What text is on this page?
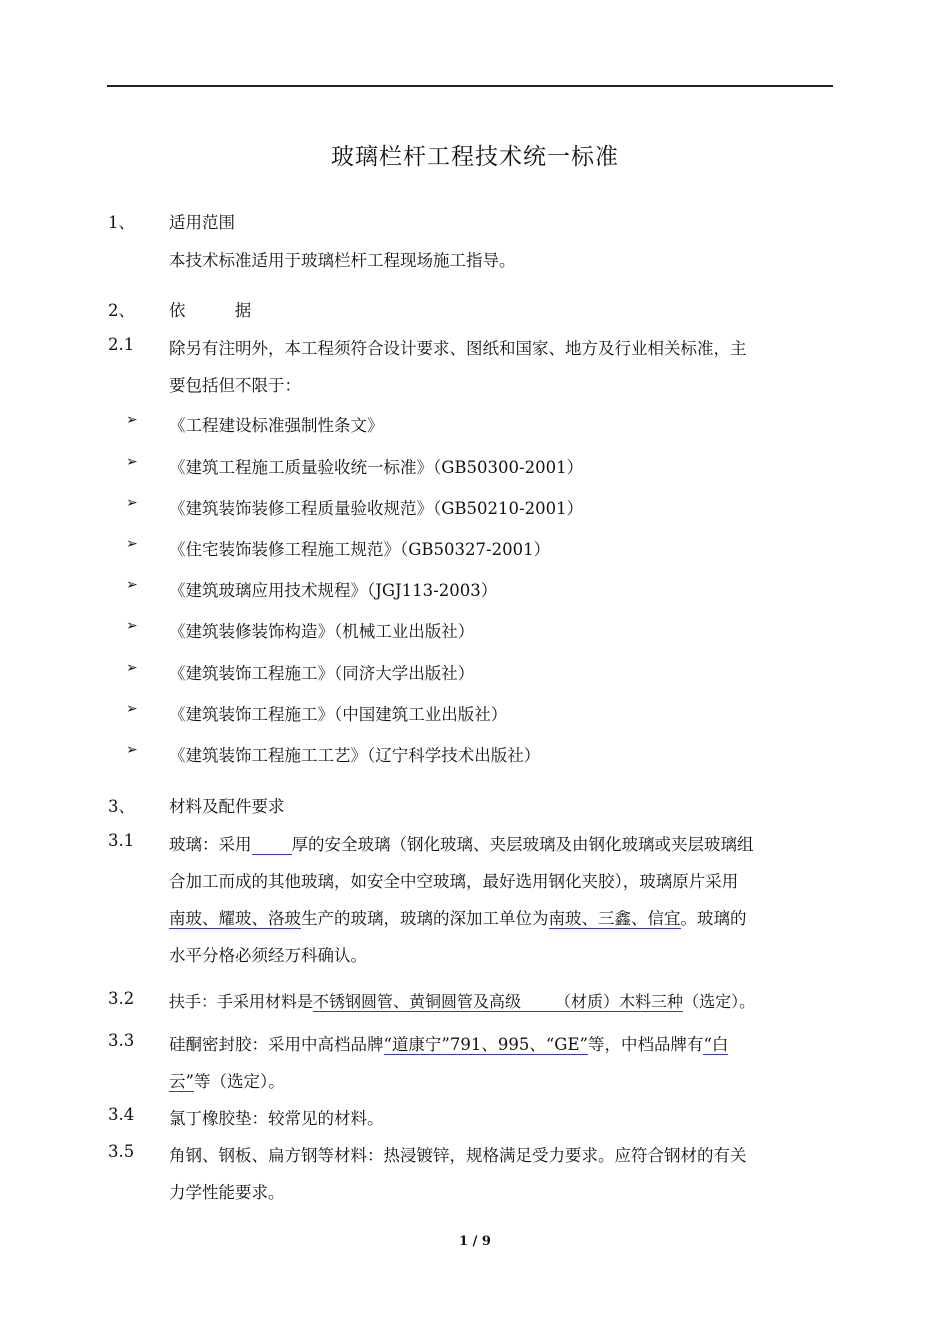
玻璃栏杆工程技术统一标准
1、 适用范围
本技术标准适用于玻璃栏杆工程现场施工指导。
2、 依 据
2.1 除另有注明外，本工程须符合设计要求、图纸和国家、地方及行业相关标准，主
要包括但不限于：
➢ 《工程建设标准强制性条文》
➢ 《建筑工程施工质量验收统一标准》（GB50300-2001）
➢ 《建筑装饰装修工程质量验收规范》（GB50210-2001）
➢ 《住宅装饰装修工程施工规范》（GB50327-2001）
➢ 《建筑玻璃应用技术规程》（JGJ113-2003）
➢ 《建筑装修装饰构造》（机械工业出版社）
➢ 《建筑装饰工程施工》（同济大学出版社）
➢ 《建筑装饰工程施工》（中国建筑工业出版社）
➢ 《建筑装饰工程施工工艺》（辽宁科学技术出版社）
3、 材料及配件要求
3.1 玻璃：采用 厚的安全玻璃（钢化玻璃、夹层玻璃及由钢化玻璃或夹层玻璃组
合加工而成的其他玻璃，如安全中空玻璃，最好选用钢化夹胶），玻璃原片采用
南玻、耀玻、洛玻生产的玻璃，玻璃的深加工单位为南玻、三鑫、信宜。玻璃的
水平分格必须经万科确认。
3.2 扶手：手采用材料是不锈钢圆管、黄铜圆管及高级 （材质）木料三种（选定）。
3.3 硅酮密封胶：采用中高档品牌“道康宁”791、995、“GE”等，中档品牌有“白
云”等（选定）。
3.4 氯丁橡胶垫：较常见的材料。
3.5 角钢、钢板、扁方钢等材料：热浸镀锌，规格满足受力要求。应符合钢材的有关
力学性能要求。
1 / 9
